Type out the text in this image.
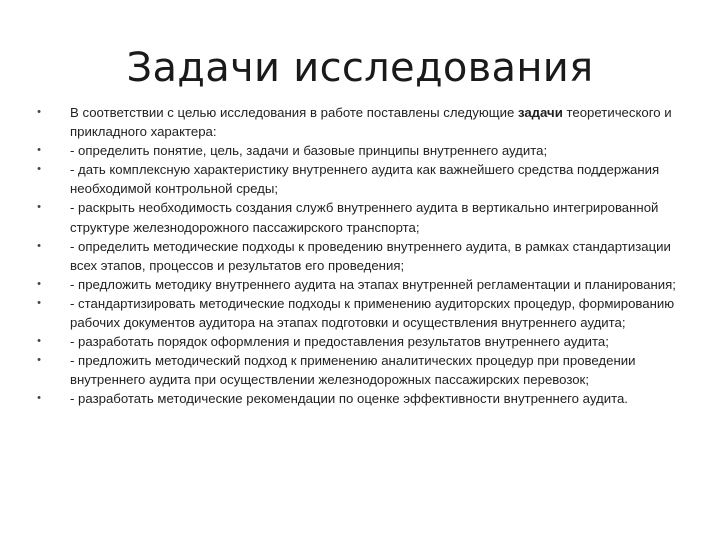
Задачи исследования
• В соответствии с целью исследования в работе поставлены следующие задачи теоретического и прикладного характера:
• - определить понятие, цель, задачи и базовые принципы внутреннего аудита;
• - дать комплексную характеристику внутреннего аудита как важнейшего средства поддержания необходимой контрольной среды;
• - раскрыть необходимость создания служб внутреннего аудита в вертикально интегрированной структуре железнодорожного пассажирского транспорта;
• - определить методические подходы к проведению внутреннего аудита, в рамках стандартизации всех этапов, процессов и результатов его проведения;
• - предложить методику внутреннего аудита на этапах внутренней регламентации и планирования;
• - стандартизировать методические подходы к применению аудиторских процедур, формированию рабочих документов аудитора на этапах подготовки и осуществления внутреннего аудита;
• - разработать порядок оформления и предоставления результатов внутреннего аудита;
• - предложить методический подход к применению аналитических процедур при проведении внутреннего аудита при осуществлении железнодорожных пассажирских перевозок;
• - разработать методические рекомендации по оценке эффективности внутреннего аудита.
